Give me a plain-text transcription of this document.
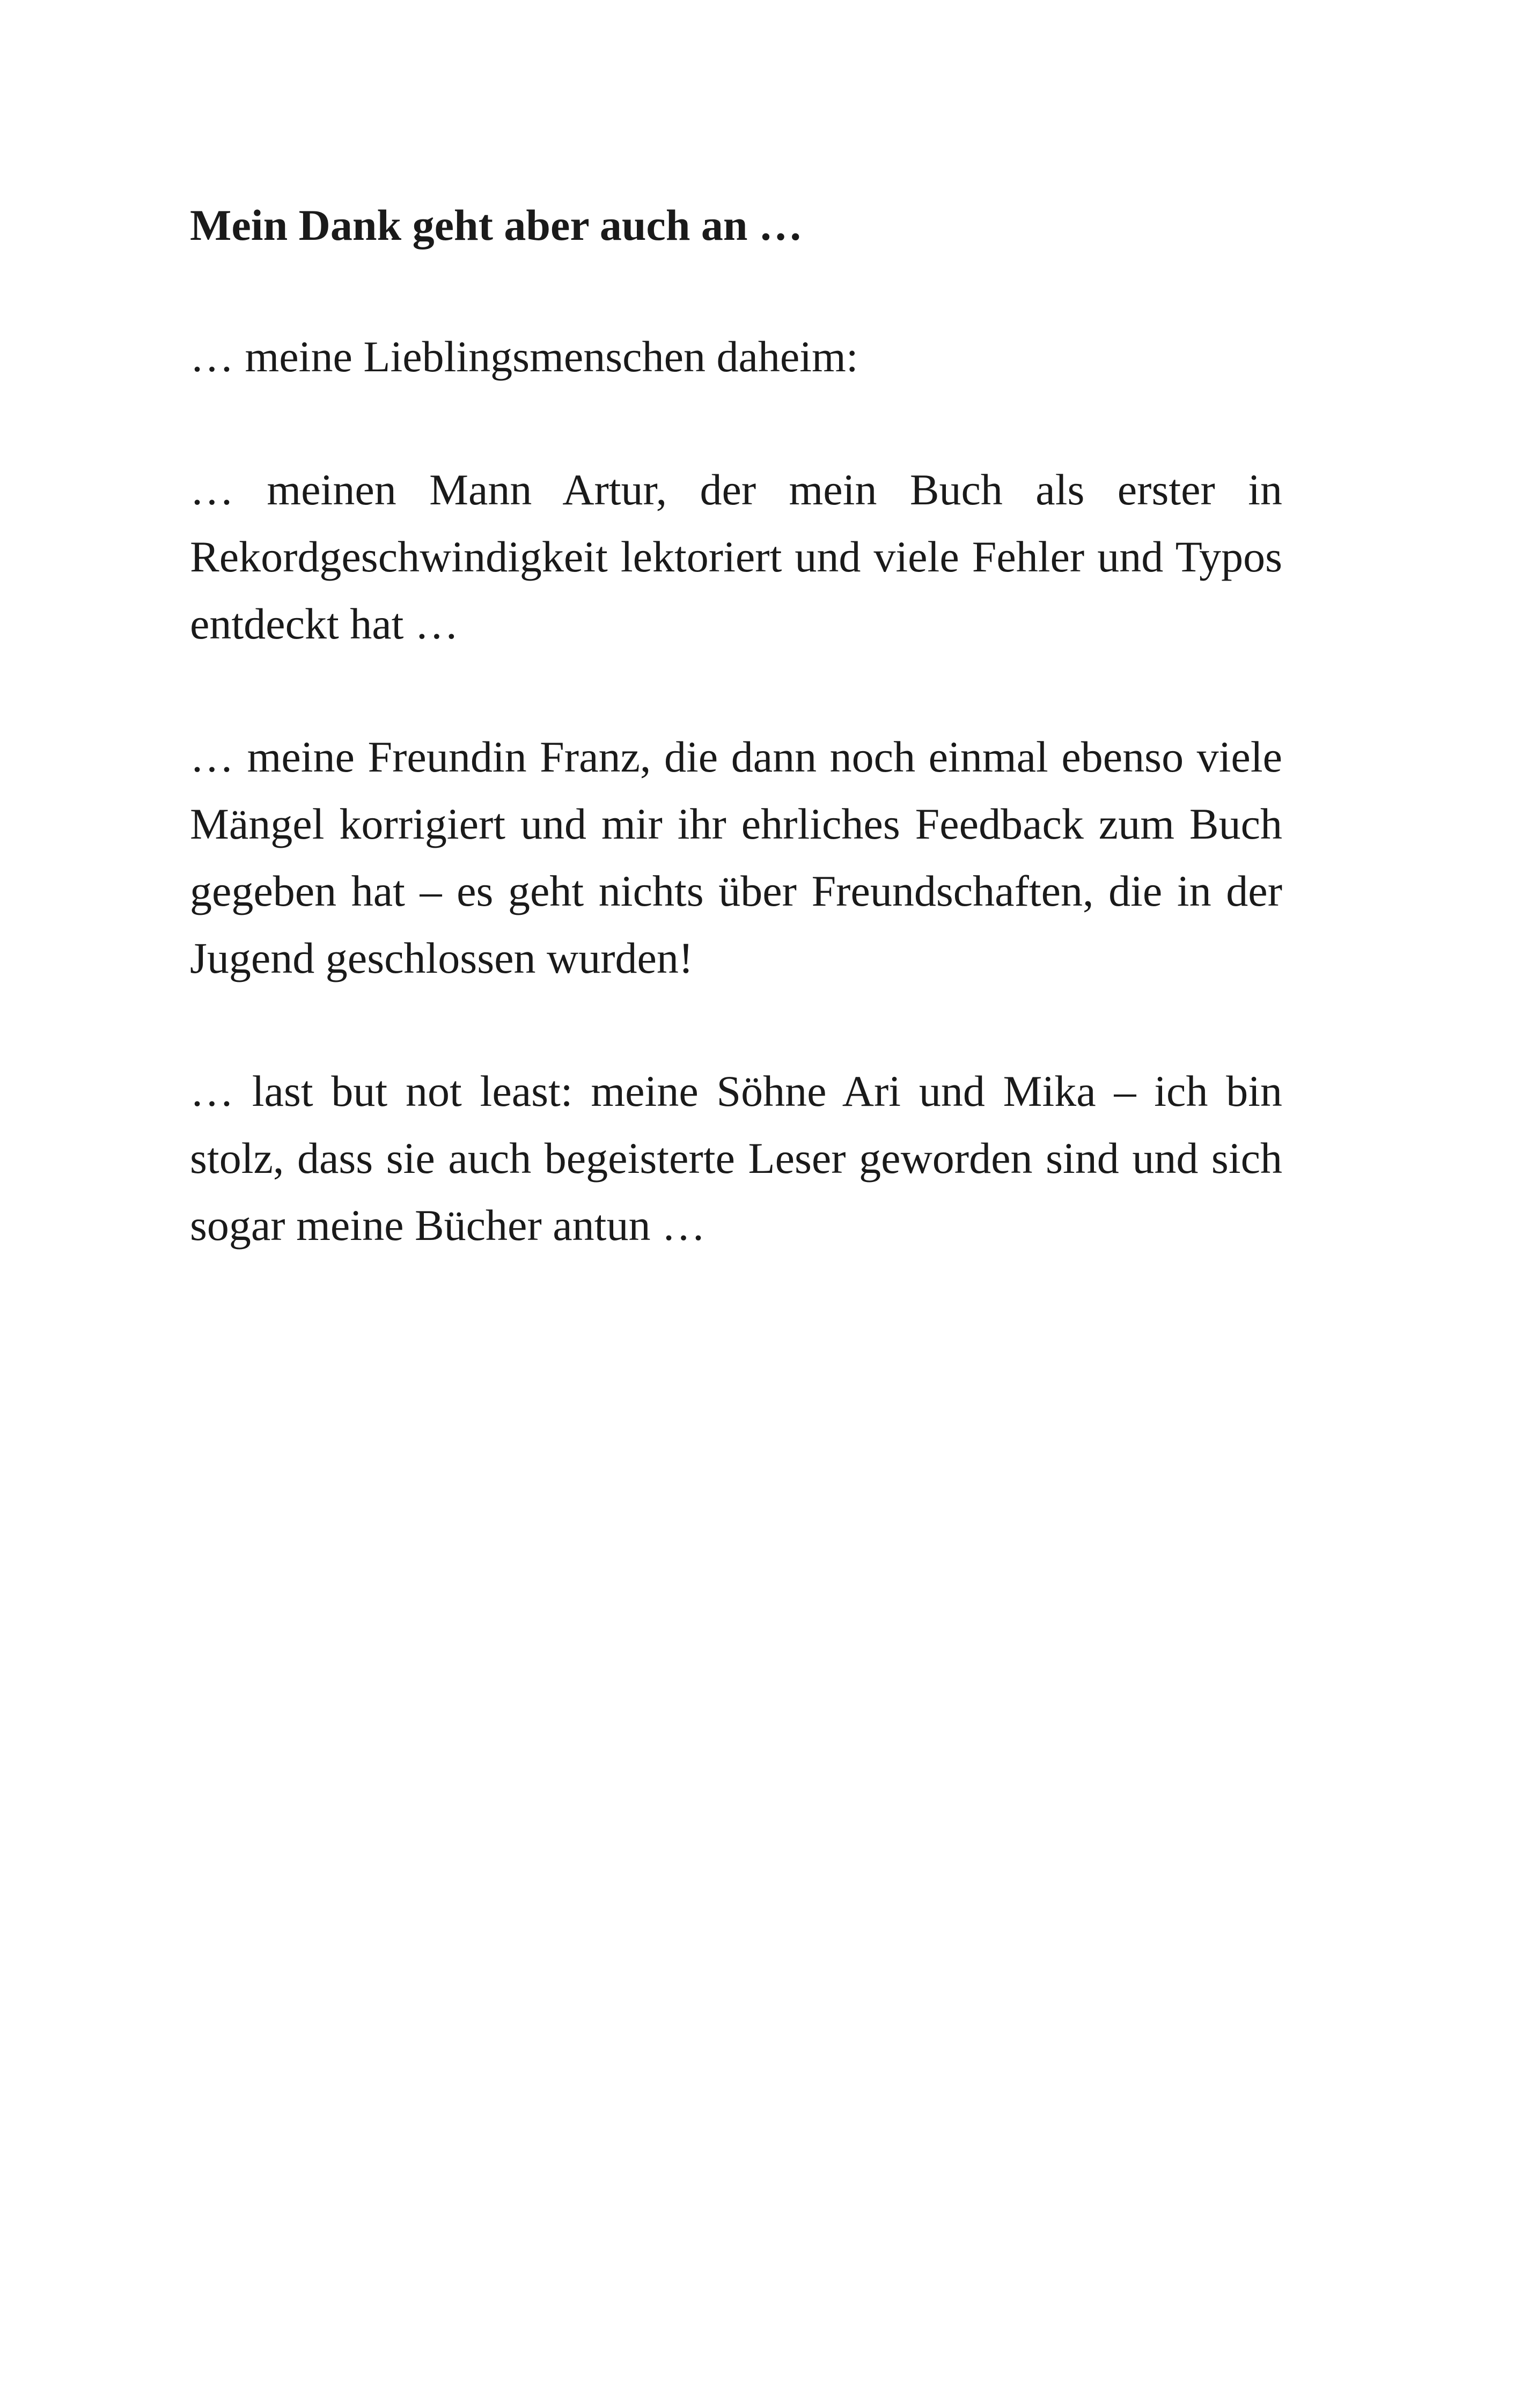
Mein Dank geht aber auch an …

… meine Lieblingsmenschen daheim:

… meinen Mann Artur, der mein Buch als erster in Rekordgeschwindigkeit lektoriert und viele Fehler und Typos entdeckt hat …

… meine Freundin Franz, die dann noch einmal ebenso viele Mängel korrigiert und mir ihr ehrliches Feedback zum Buch gegeben hat – es geht nichts über Freundschaften, die in der Jugend geschlossen wurden!

… last but not least: meine Söhne Ari und Mika – ich bin stolz, dass sie auch begeisterte Leser geworden sind und sich sogar meine Bücher antun …
